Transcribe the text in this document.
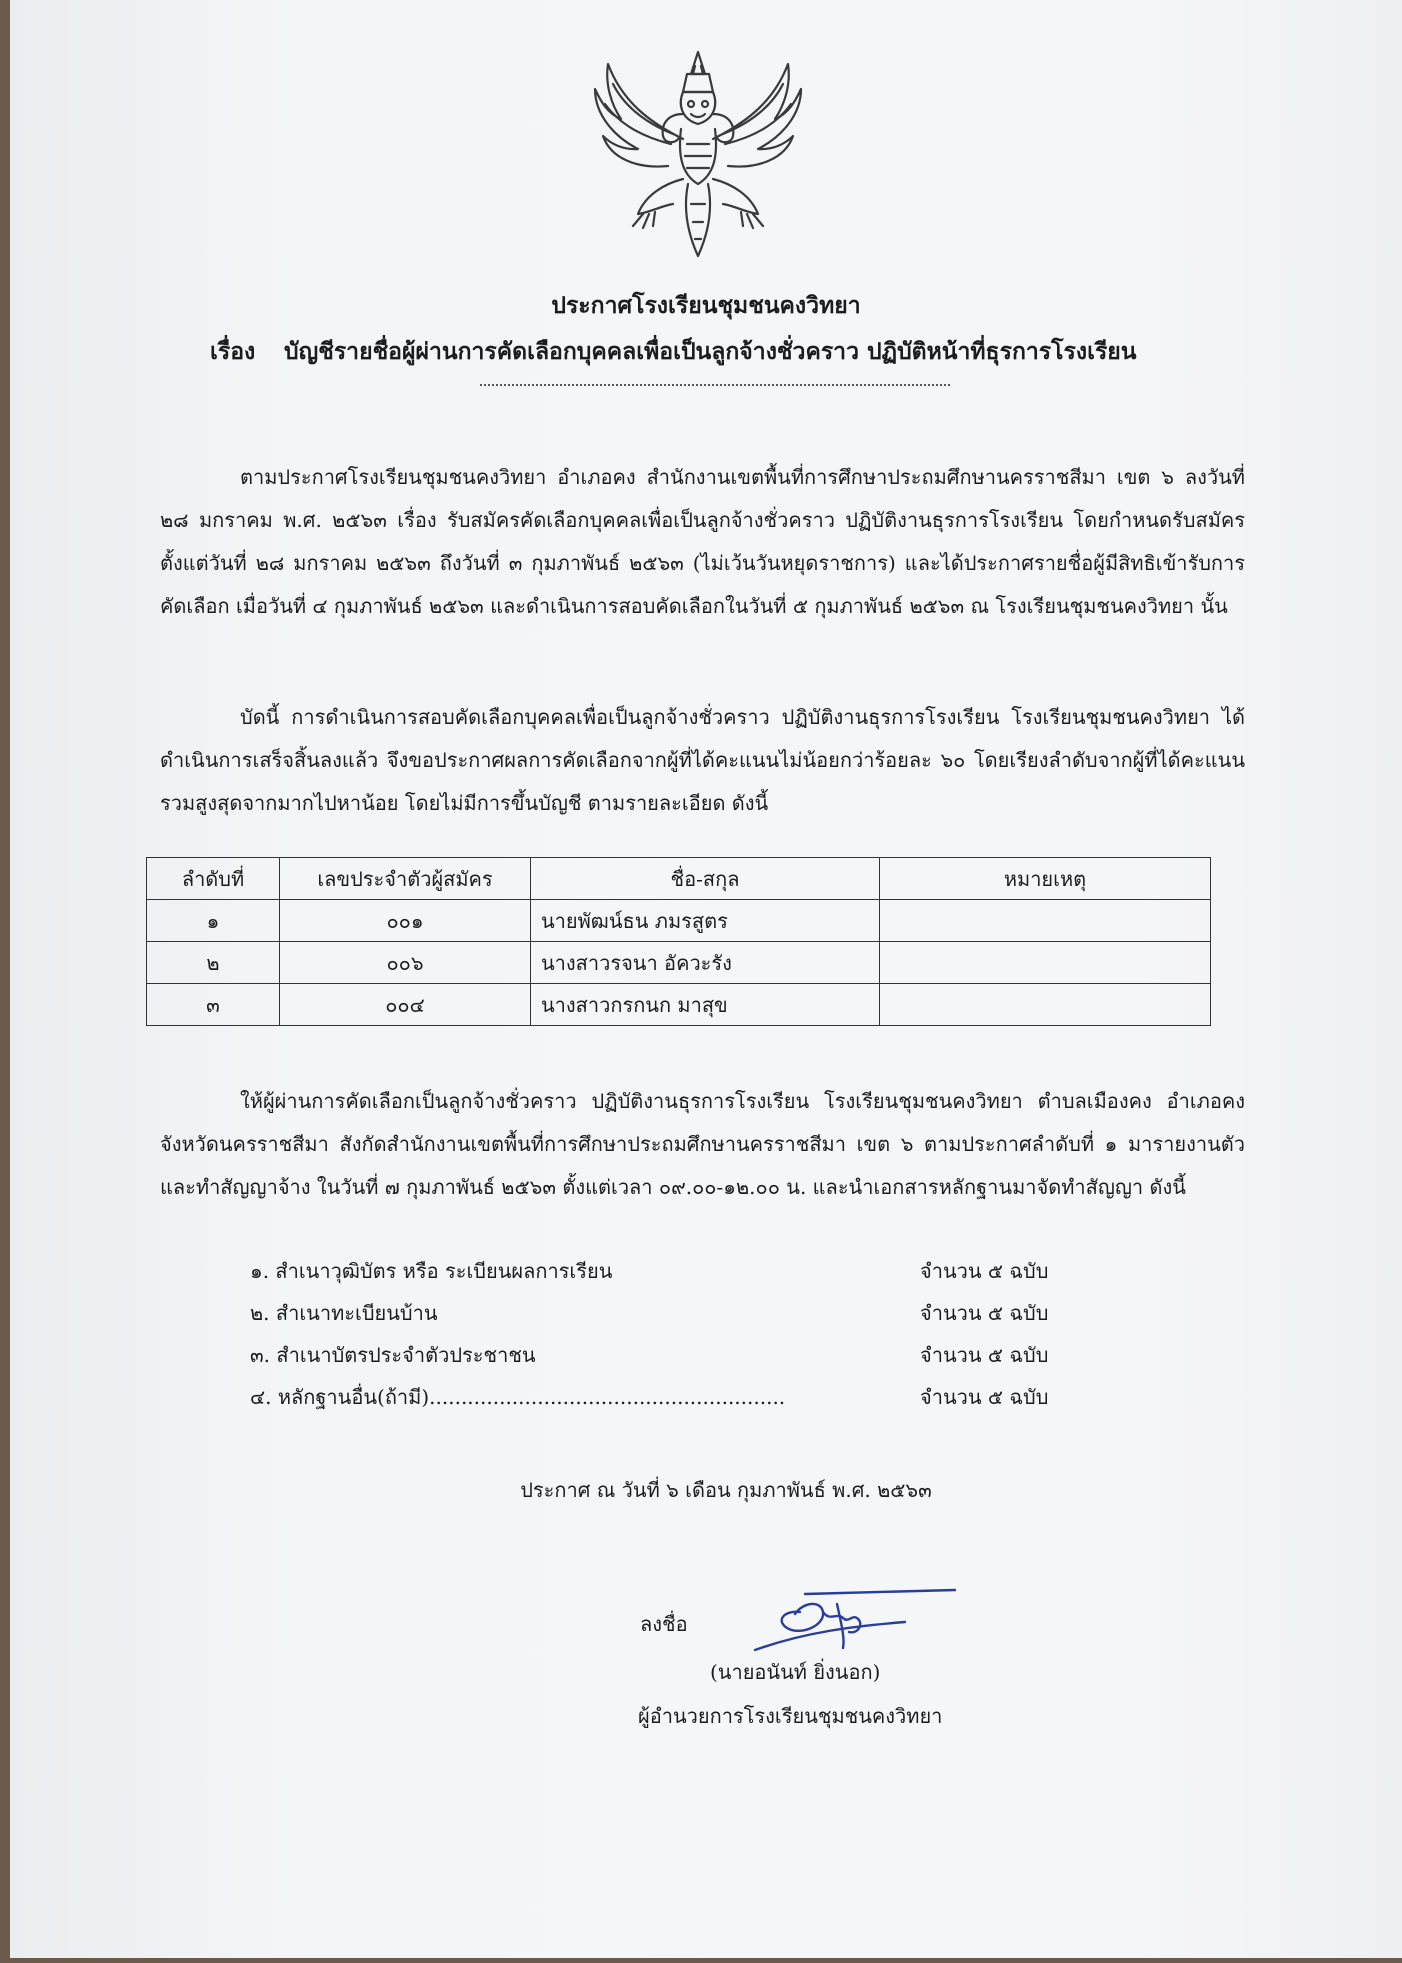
ประกาศโรงเรียนชุมชนคงวิทยา
เรื่อง บัญชีรายชื่อผู้ผ่านการคัดเลือกบุคคลเพื่อเป็นลูกจ้างชั่วคราว ปฏิบัติหน้าที่ธุรการโรงเรียน
ตามประกาศโรงเรียนชุมชนคงวิทยา อำเภอคง สำนักงานเขตพื้นที่การศึกษาประถมศึกษานครราชสีมา เขต ๖ ลงวันที่ ๒๘ มกราคม พ.ศ. ๒๕๖๓ เรื่อง รับสมัครคัดเลือกบุคคลเพื่อเป็นลูกจ้างชั่วคราว ปฏิบัติงานธุรการโรงเรียน โดยกำหนดรับสมัครตั้งแต่วันที่ ๒๘ มกราคม ๒๕๖๓ ถึงวันที่ ๓ กุมภาพันธ์ ๒๕๖๓ (ไม่เว้นวันหยุดราชการ) และได้ประกาศรายชื่อผู้มีสิทธิเข้ารับการคัดเลือก เมื่อวันที่ ๔ กุมภาพันธ์ ๒๕๖๓ และดำเนินการสอบคัดเลือกในวันที่ ๕ กุมภาพันธ์ ๒๕๖๓ ณ โรงเรียนชุมชนคงวิทยา นั้น
บัดนี้ การดำเนินการสอบคัดเลือกบุคคลเพื่อเป็นลูกจ้างชั่วคราว ปฏิบัติงานธุรการโรงเรียน โรงเรียนชุมชนคงวิทยา ได้ดำเนินการเสร็จสิ้นลงแล้ว จึงขอประกาศผลการคัดเลือกจากผู้ที่ได้คะแนนไม่น้อยกว่าร้อยละ ๖๐ โดยเรียงลำดับจากผู้ที่ได้คะแนนรวมสูงสุดจากมากไปหาน้อย โดยไม่มีการขึ้นบัญชี ตามรายละเอียด ดังนี้
ลำดับที่	เลขประจำตัวผู้สมัคร	ชื่อ-สกุล	หมายเหตุ
๑	๐๐๑	นายพัฒน์ธน ภมรสูตร	
๒	๐๐๖	นางสาวรจนา อัควะรัง	
๓	๐๐๔	นางสาวกรกนก มาสุข	
ให้ผู้ผ่านการคัดเลือกเป็นลูกจ้างชั่วคราว ปฏิบัติงานธุรการโรงเรียน โรงเรียนชุมชนคงวิทยา ตำบลเมืองคง อำเภอคง จังหวัดนครราชสีมา สังกัดสำนักงานเขตพื้นที่การศึกษาประถมศึกษานครราชสีมา เขต ๖ ตามประกาศลำดับที่ ๑ มารายงานตัวและทำสัญญาจ้าง ในวันที่ ๗ กุมภาพันธ์ ๒๕๖๓ ตั้งแต่เวลา ๐๙.๐๐-๑๒.๐๐ น. และนำเอกสารหลักฐานมาจัดทำสัญญา ดังนี้
๑. สำเนาวุฒิบัตร หรือ ระเบียนผลการเรียน	จำนวน ๕ ฉบับ
๒. สำเนาทะเบียนบ้าน	จำนวน ๕ ฉบับ
๓. สำเนาบัตรประจำตัวประชาชน	จำนวน ๕ ฉบับ
๔. หลักฐานอื่น(ถ้ามี)........................................................	จำนวน ๕ ฉบับ
ประกาศ ณ วันที่ ๖ เดือน กุมภาพันธ์ พ.ศ. ๒๕๖๓
ลงชื่อ
(นายอนันท์ ยิ่งนอก)
ผู้อำนวยการโรงเรียนชุมชนคงวิทยา
